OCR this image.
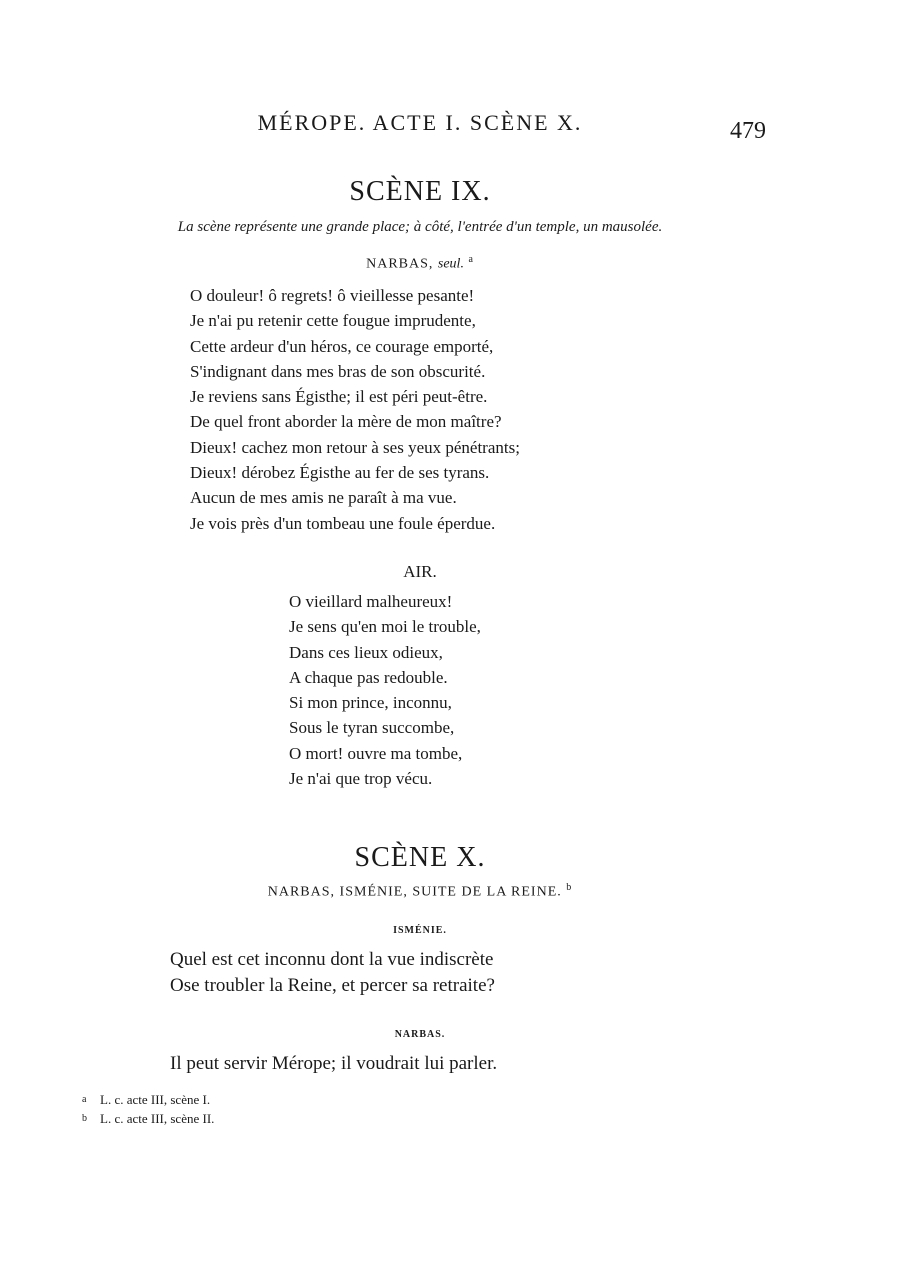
MÉROPE. ACTE I. SCÈNE X.	479
SCÈNE IX.
La scène représente une grande place; à côté, l'entrée d'un temple, un mausolée.
NARBAS, seul. $^a$
O douleur! ô regrets! ô vieillesse pesante!
Je n'ai pu retenir cette fougue imprudente,
Cette ardeur d'un héros, ce courage emporté,
S'indignant dans mes bras de son obscurité.
Je reviens sans Égisthe; il est péri peut-être.
De quel front aborder la mère de mon maître?
Dieux! cachez mon retour à ses yeux pénétrants;
Dieux! dérobez Égisthe au fer de ses tyrans.
Aucun de mes amis ne paraît à ma vue.
Je vois près d'un tombeau une foule éperdue.
AIR.
O vieillard malheureux!
Je sens qu'en moi le trouble,
Dans ces lieux odieux,
A chaque pas redouble.
Si mon prince, inconnu,
Sous le tyran succombe,
O mort! ouvre ma tombe,
Je n'ai que trop vécu.
SCÈNE X.
NARBAS, ISMÉNIE, SUITE DE LA REINE. $^b$
ISMÉNIE.
Quel est cet inconnu dont la vue indiscrète
Ose troubler la Reine, et percer sa retraite?
NARBAS.
Il peut servir Mérope; il voudrait lui parler.
a L. c. acte III, scène I.
b L. c. acte III, scène II.
